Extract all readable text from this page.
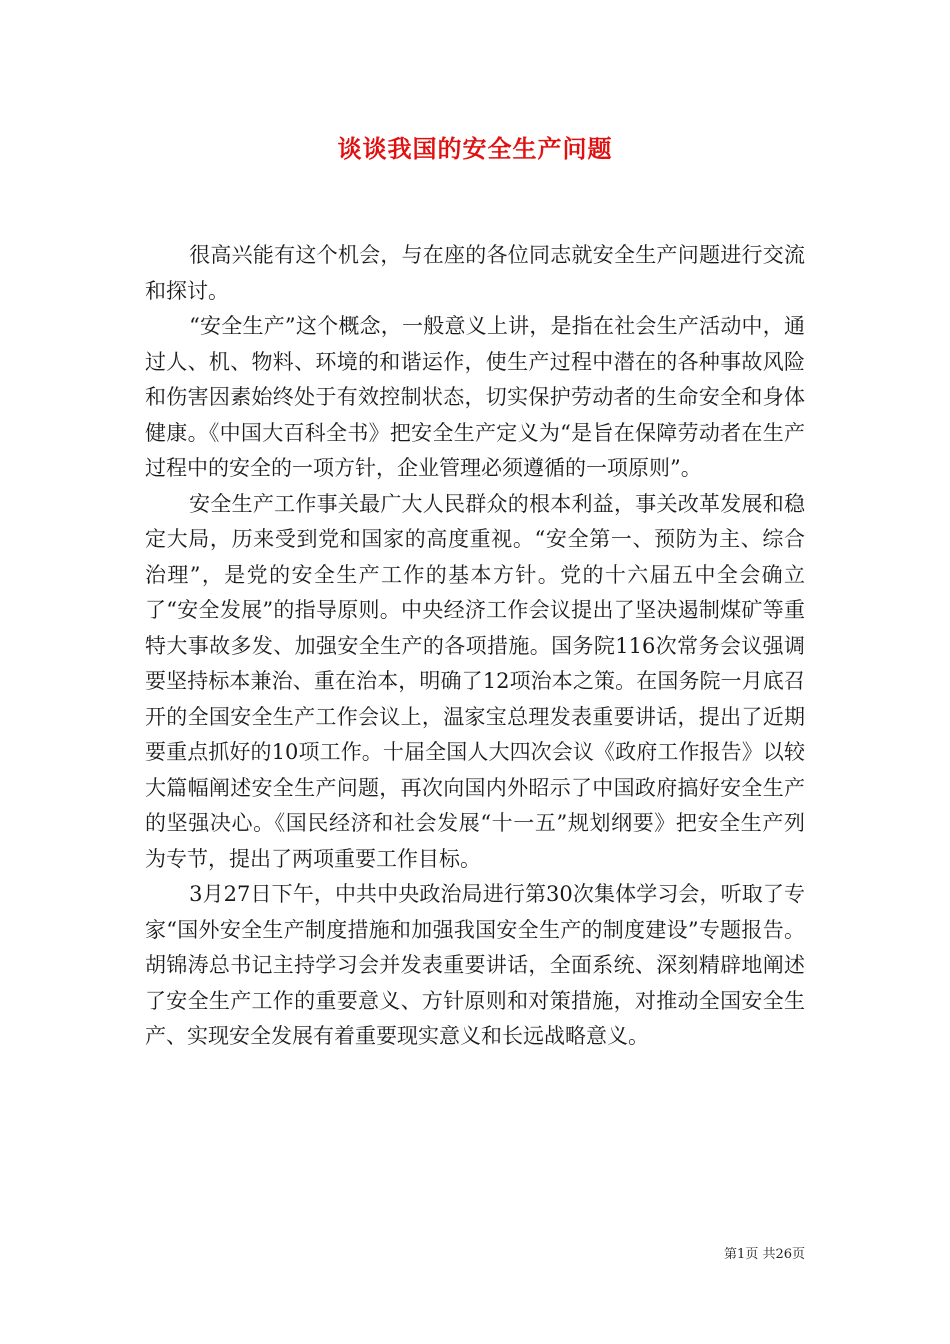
谈谈我国的安全生产问题

很高兴能有这个机会，与在座的各位同志就安全生产问题进行交流和探讨。

“安全生产”这个概念，一般意义上讲，是指在社会生产活动中，通过人、机、物料、环境的和谐运作，使生产过程中潜在的各种事故风险和伤害因素始终处于有效控制状态，切实保护劳动者的生命安全和身体健康。《中国大百科全书》把安全生产定义为“是旨在保障劳动者在生产过程中的安全的一项方针，企业管理必须遵循的一项原则”。

安全生产工作事关最广大人民群众的根本利益，事关改革发展和稳定大局，历来受到党和国家的高度重视。“安全第一、预防为主、综合治理”，是党的安全生产工作的基本方针。党的十六届五中全会确立了“安全发展”的指导原则。中央经济工作会议提出了坚决遏制煤矿等重特大事故多发、加强安全生产的各项措施。国务院116次常务会议强调要坚持标本兼治、重在治本，明确了12项治本之策。在国务院一月底召开的全国安全生产工作会议上，温家宝总理发表重要讲话，提出了近期要重点抓好的10项工作。十届全国人大四次会议《政府工作报告》以较大篇幅阐述安全生产问题，再次向国内外昭示了中国政府搞好安全生产的坚强决心。《国民经济和社会发展“十一五”规划纲要》把安全生产列为专节，提出了两项重要工作目标。

3月27日下午，中共中央政治局进行第30次集体学习会，听取了专家“国外安全生产制度措施和加强我国安全生产的制度建设”专题报告。胡锦涛总书记主持学习会并发表重要讲话，全面系统、深刻精辟地阐述了安全生产工作的重要意义、方针原则和对策措施，对推动全国安全生产、实现安全发展有着重要现实意义和长远战略意义。

第1页 共26页
